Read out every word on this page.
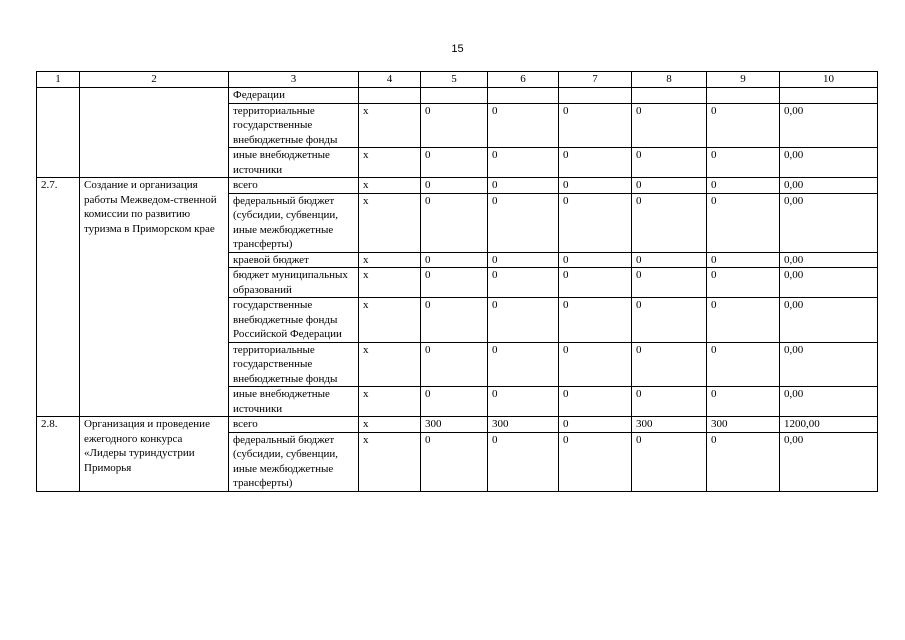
15
1	2	3	4	5	6	7	8	9	10
		Федерации							
		территориальные государственные внебюджетные фонды	x	0	0	0	0	0	0,00
		иные внебюджетные источники	x	0	0	0	0	0	0,00
2.7.	Создание и организация работы Межведом-ственной комиссии по развитию туризма в Приморском крае	всего	x	0	0	0	0	0	0,00
		федеральный бюджет (субсидии, субвенции, иные межбюджетные трансферты)	x	0	0	0	0	0	0,00
		краевой бюджет	x	0	0	0	0	0	0,00
		бюджет муниципальных образований	x	0	0	0	0	0	0,00
		государственные внебюджетные фонды Российской Федерации	x	0	0	0	0	0	0,00
		территориальные государственные внебюджетные фонды	x	0	0	0	0	0	0,00
		иные внебюджетные источники	x	0	0	0	0	0	0,00
2.8.	Организация и проведение ежегодного конкурса «Лидеры туриндустрии Приморья	всего	x	300	300	0	300	300	1200,00
		федеральный бюджет (субсидии, субвенции, иные межбюджетные трансферты)	x	0	0	0	0	0	0,00
